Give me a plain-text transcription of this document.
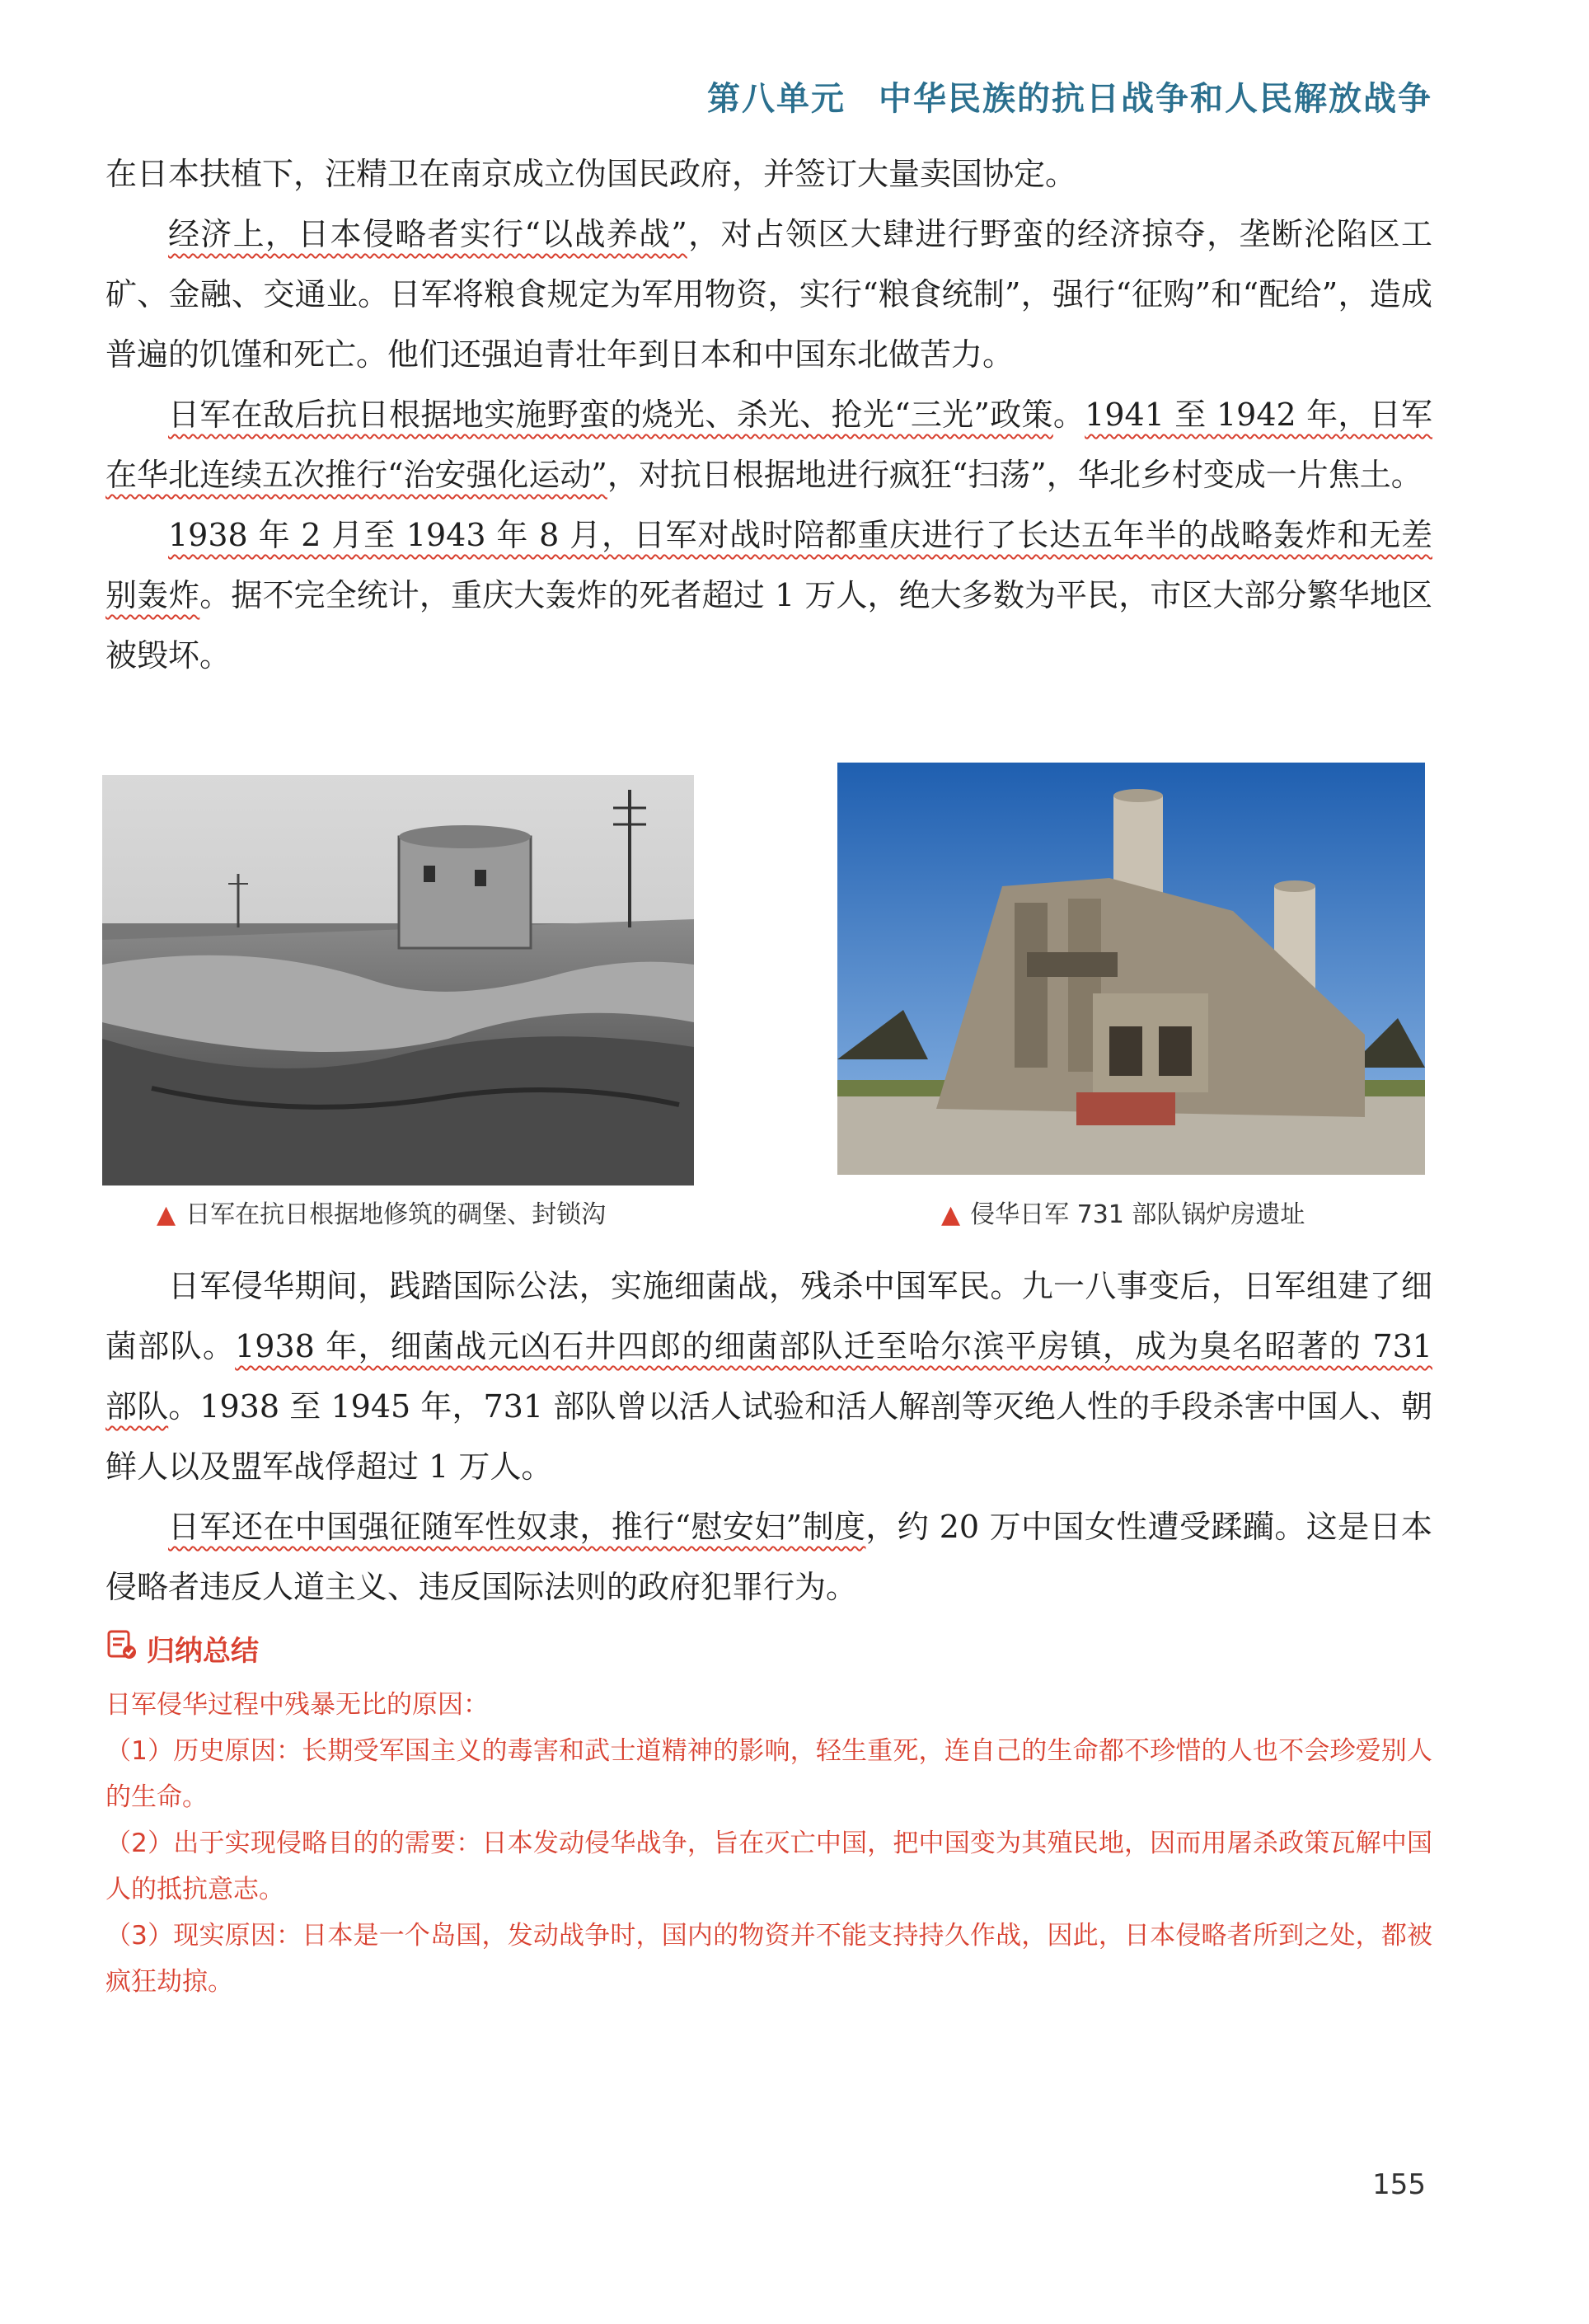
第八单元 中华民族的抗日战争和人民解放战争

在日本扶植下，汪精卫在南京成立伪国民政府，并签订大量卖国协定。

经济上，日本侵略者实行“以战养战”，对占领区大肆进行野蛮的经济掠夺，垄断沦陷区工矿、金融、交通业。日军将粮食规定为军用物资，实行“粮食统制”，强行“征购”和“配给”，造成普遍的饥馑和死亡。他们还强迫青壮年到日本和中国东北做苦力。

日军在敌后抗日根据地实施野蛮的烧光、杀光、抢光“三光”政策。1941 至 1942 年，日军在华北连续五次推行“治安强化运动”，对抗日根据地进行疯狂“扫荡”，华北乡村变成一片焦土。

1938 年 2 月至 1943 年 8 月，日军对战时陪都重庆进行了长达五年半的战略轰炸和无差别轰炸。据不完全统计，重庆大轰炸的死者超过 1 万人，绝大多数为平民，市区大部分繁华地区被毁坏。

▲ 日军在抗日根据地修筑的碉堡、封锁沟	▲ 侵华日军 731 部队锅炉房遗址

日军侵华期间，践踏国际公法，实施细菌战，残杀中国军民。九一八事变后，日军组建了细菌部队。1938 年，细菌战元凶石井四郎的细菌部队迁至哈尔滨平房镇，成为臭名昭著的 731 部队。1938 至 1945 年，731 部队曾以活人试验和活人解剖等灭绝人性的手段杀害中国人、朝鲜人以及盟军战俘超过 1 万人。

日军还在中国强征随军性奴隶，推行“慰安妇”制度，约 20 万中国女性遭受蹂躏。这是日本侵略者违反人道主义、违反国际法则的政府犯罪行为。

归纳总结

日军侵华过程中残暴无比的原因：

（1）历史原因：长期受军国主义的毒害和武士道精神的影响，轻生重死，连自己的生命都不珍惜的人也不会珍爱别人的生命。

（2）出于实现侵略目的的需要：日本发动侵华战争，旨在灭亡中国，把中国变为其殖民地，因而用屠杀政策瓦解中国人的抵抗意志。

（3）现实原因：日本是一个岛国，发动战争时，国内的物资并不能支持持久作战，因此，日本侵略者所到之处，都被疯狂劫掠。

155
